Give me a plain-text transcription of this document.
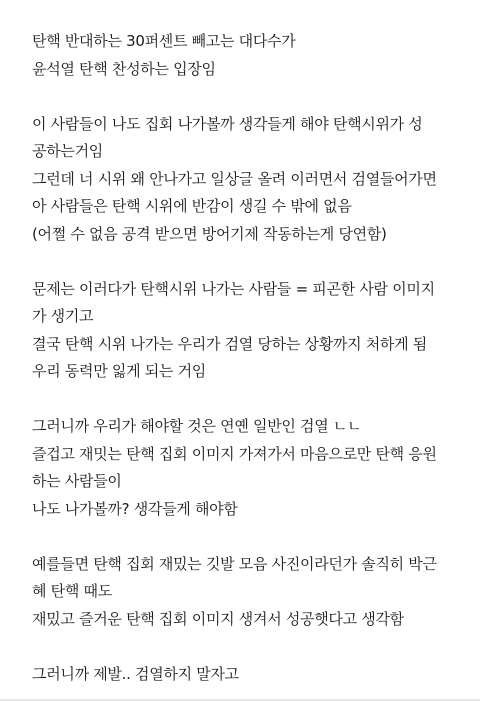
탄핵 반대하는 30퍼센트 빼고는 대다수가
윤석열 탄핵 찬성하는 입장임
이 사람들이 나도 집회 나가볼까 생각들게 해야 탄핵시위가 성
공하는거임
그런데 너 시위 왜 안나가고 일상글 올려 이러면서 검열들어가면
아 사람들은 탄핵 시위에 반감이 생길 수 밖에 없음
(어쩔 수 없음 공격 받으면 방어기제 작동하는게 당연함)
문제는 이러다가 탄핵시위 나가는 사람들 = 피곤한 사람 이미지
가 생기고
결국 탄핵 시위 나가는 우리가 검열 당하는 상황까지 처하게 됨
우리 동력만 잃게 되는 거임
그러니까 우리가 해야할 것은 연옌 일반인 검열 ㄴㄴ
즐겁고 재밋는 탄핵 집회 이미지 가져가서 마음으로만 탄핵 응원
하는 사람들이
나도 나가볼까? 생각들게 해야함
예를들면 탄핵 집회 재밌는 깃발 모음 사진이라던가 솔직히 박근
혜 탄핵 때도
재밌고 즐거운 탄핵 집회 이미지 생겨서 성공햇다고 생각함
그러니까 제발.. 검열하지 말자고
